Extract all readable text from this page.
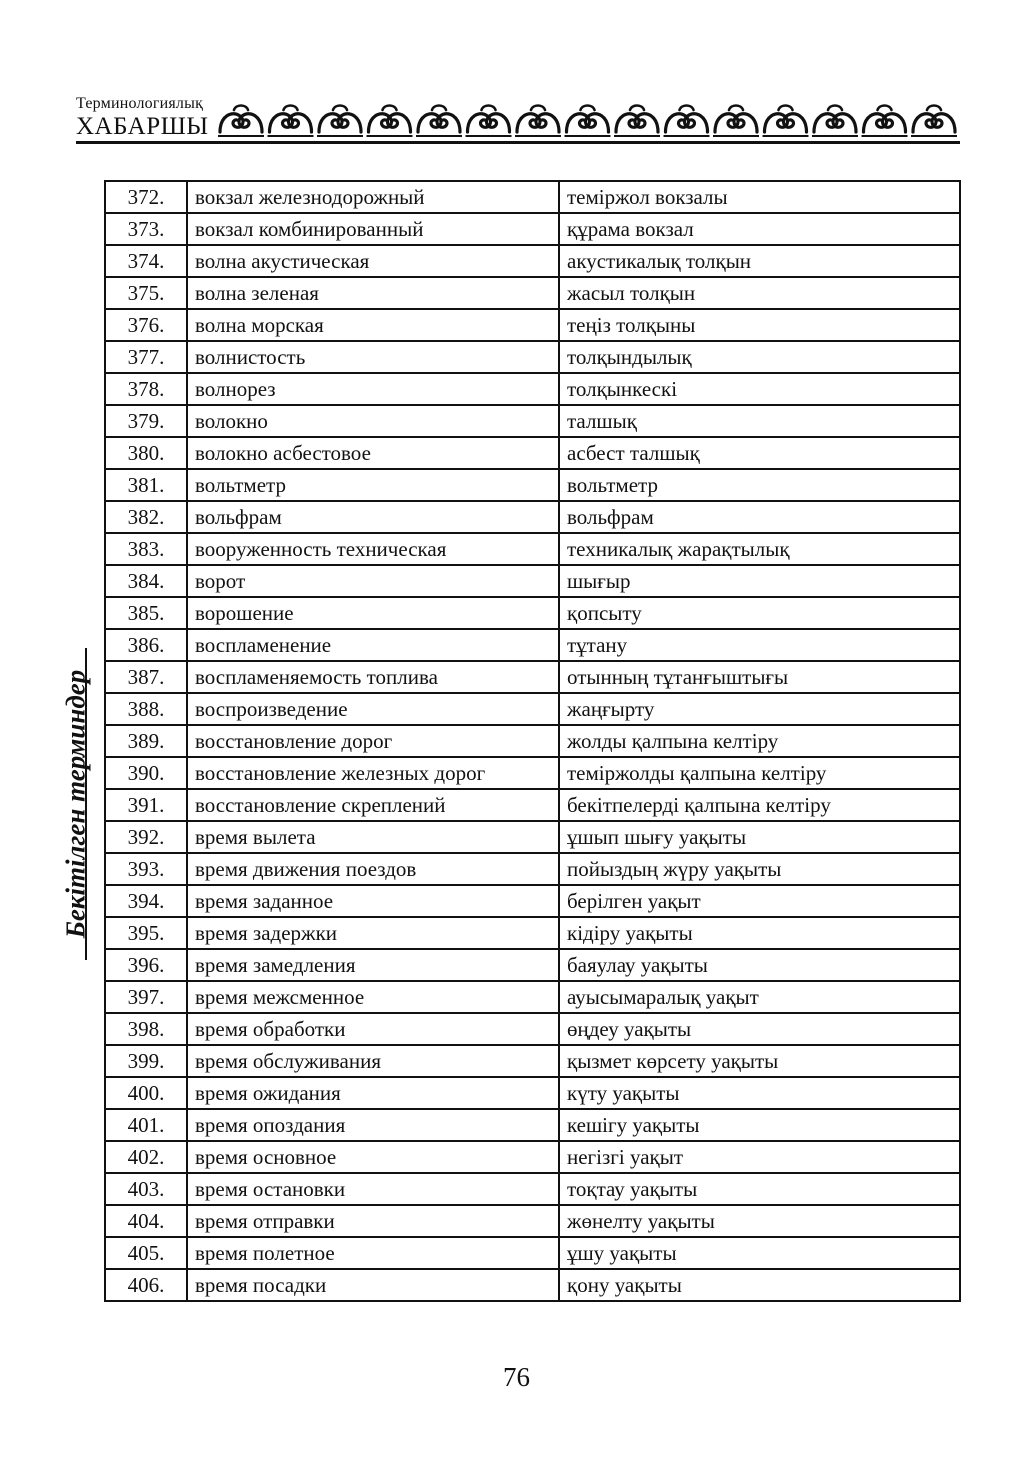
Терминологиялық
ХАБАРШЫ
Бекітілген терминдер
372.	вокзал железнодорожный	теміржол вокзалы
373.	вокзал комбинированный	құрама вокзал
374.	волна акустическая	акустикалық толқын
375.	волна зеленая	жасыл толқын
376.	волна морская	теңіз толқыны
377.	волнистость	толқындылық
378.	волнорез	толқынкескі
379.	волокно	талшық
380.	волокно асбестовое	асбест талшық
381.	вольтметр	вольтметр
382.	вольфрам	вольфрам
383.	вооруженность техническая	техникалық жарақтылық
384.	ворот	шығыр
385.	ворошение	қопсыту
386.	воспламенение	тұтану
387.	воспламеняемость топлива	отынның тұтанғыштығы
388.	воспроизведение	жаңғырту
389.	восстановление дорог	жолды қалпына келтіру
390.	восстановление железных дорог	теміржолды қалпына келтіру
391.	восстановление скреплений	бекітпелерді қалпына келтіру
392.	время вылета	ұшып шығу уақыты
393.	время движения поездов	пойыздың жүру уақыты
394.	время заданное	берілген уақыт
395.	время задержки	кідіру уақыты
396.	время замедления	баяулау уақыты
397.	время межсменное	ауысымаралық уақыт
398.	время обработки	өңдеу уақыты
399.	время обслуживания	қызмет көрсету уақыты
400.	время ожидания	күту уақыты
401.	время опоздания	кешігу уақыты
402.	время основное	негізгі уақыт
403.	время остановки	тоқтау уақыты
404.	время отправки	жөнелту уақыты
405.	время полетное	ұшу уақыты
406.	время посадки	қону уақыты
76
